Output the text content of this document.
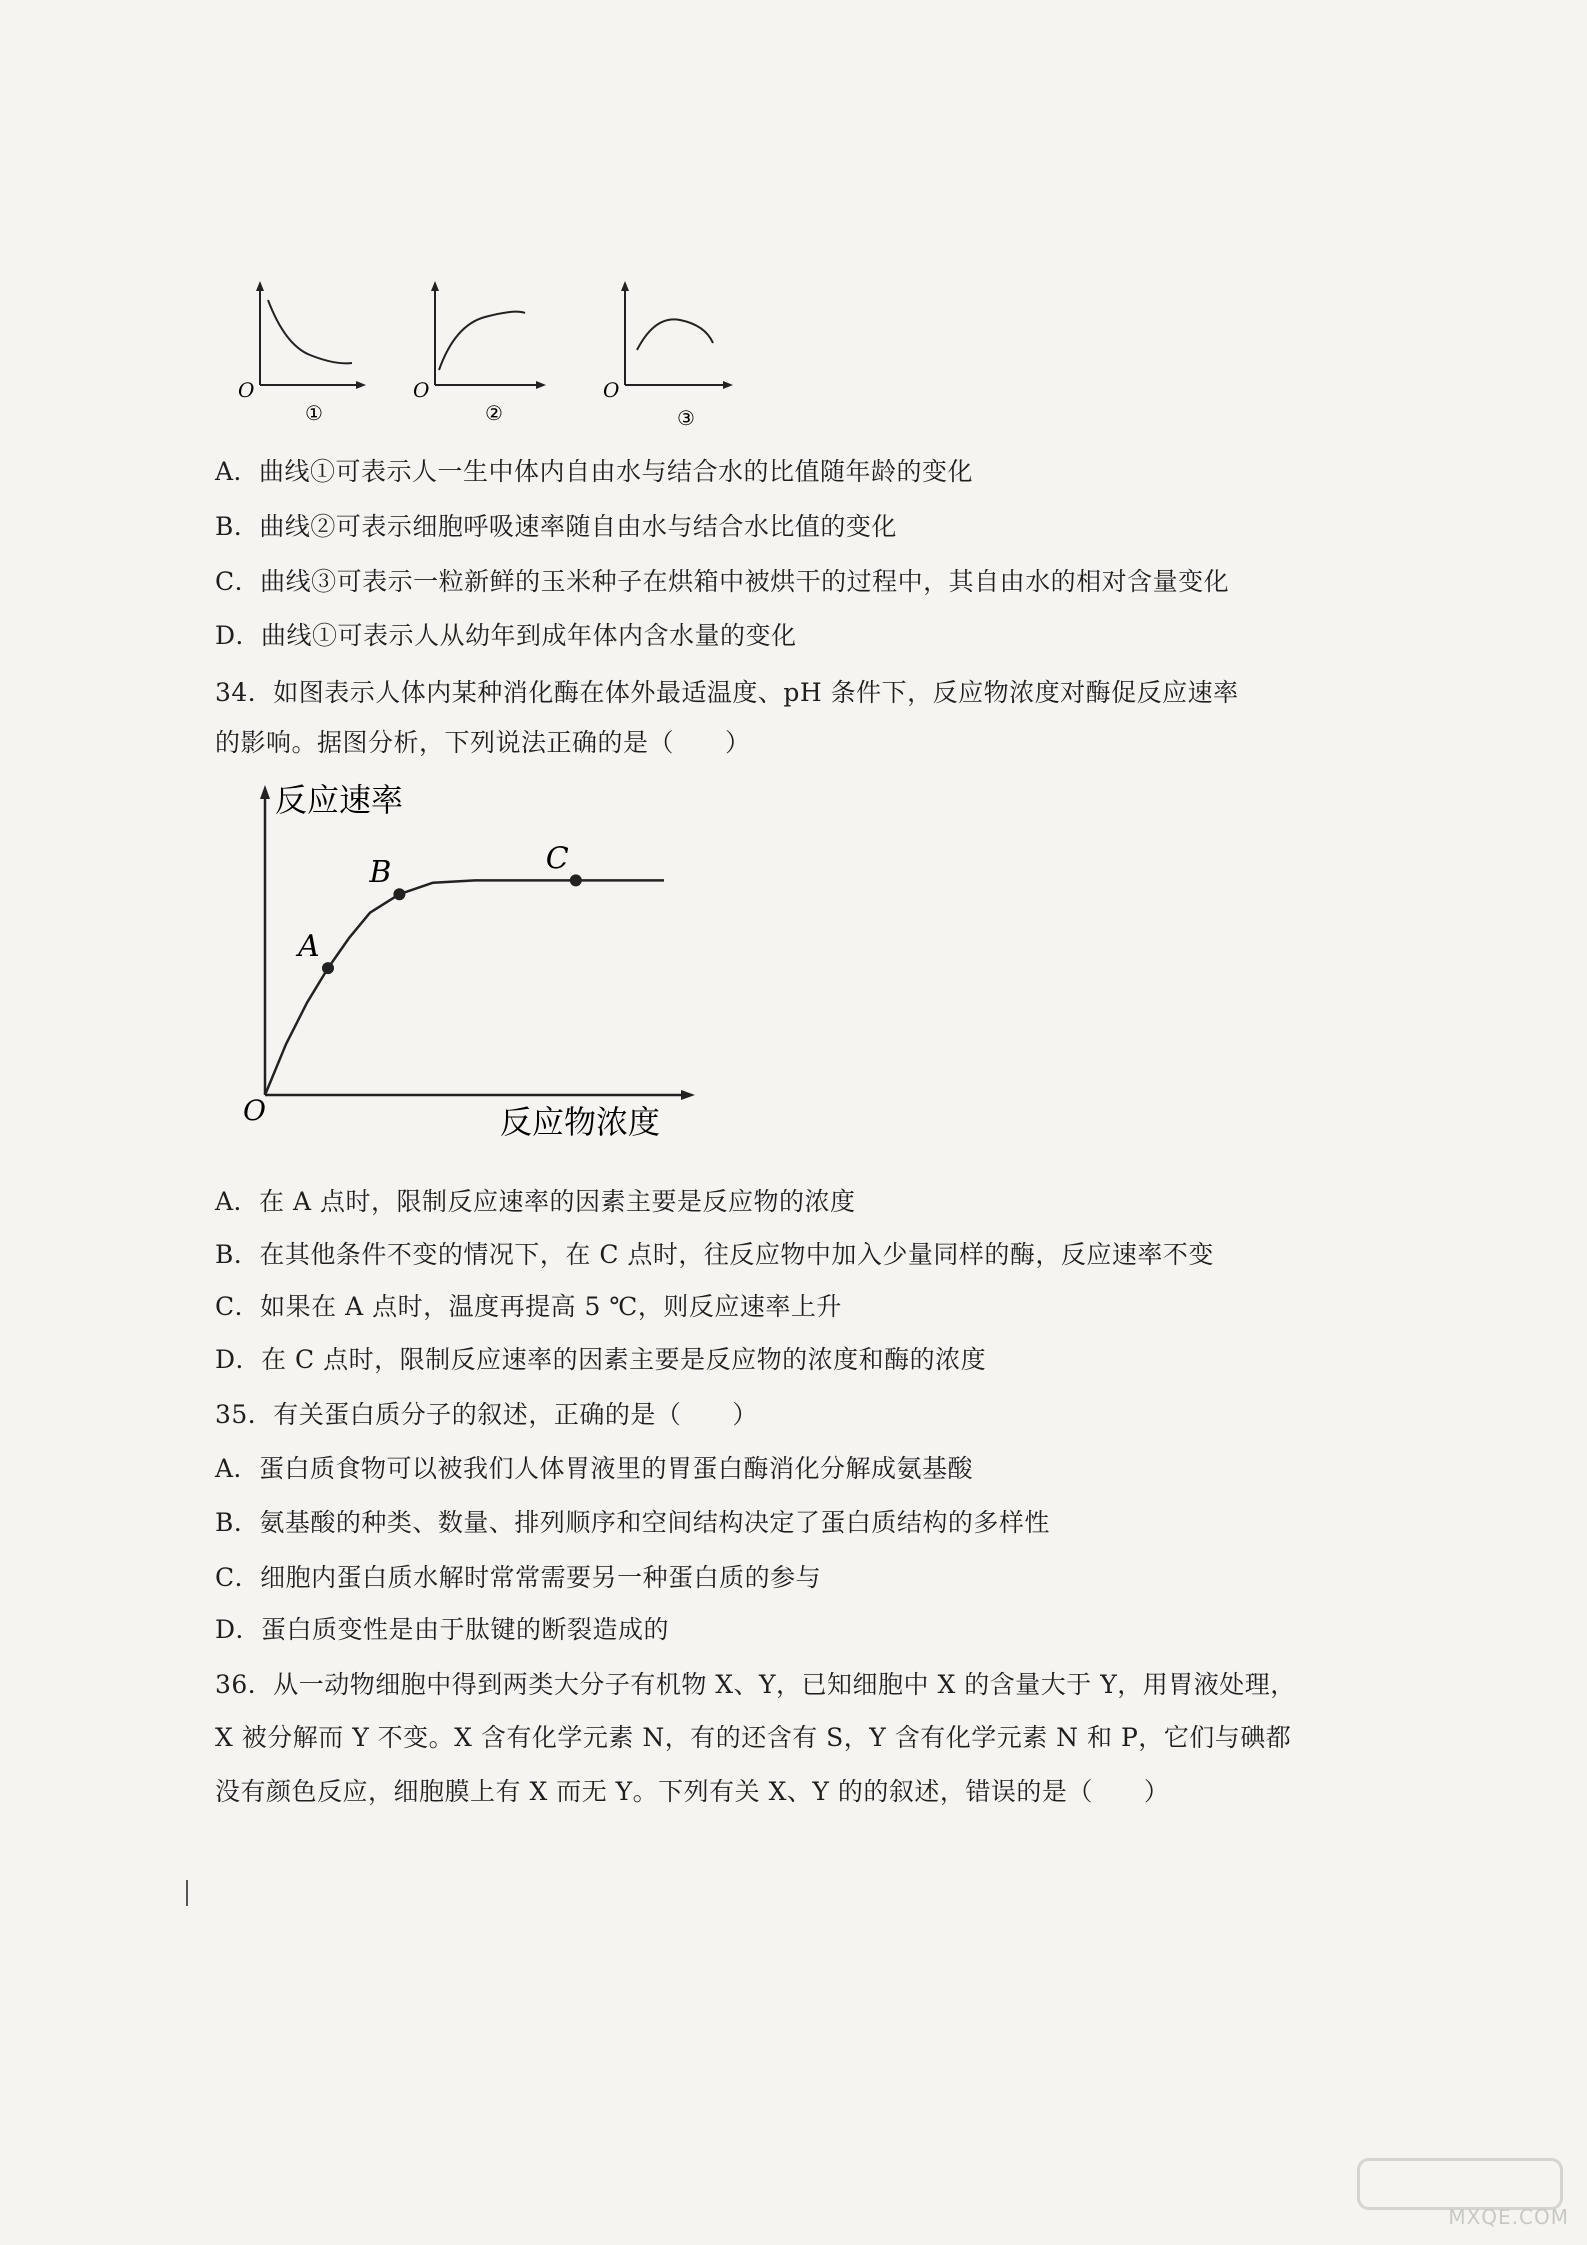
O
①
O
②
O
③
A．曲线①可表示人一生中体内自由水与结合水的比值随年龄的变化
B．曲线②可表示细胞呼吸速率随自由水与结合水比值的变化
C．曲线③可表示一粒新鲜的玉米种子在烘箱中被烘干的过程中，其自由水的相对含量变化
D．曲线①可表示人从幼年到成年体内含水量的变化
34．如图表示人体内某种消化酶在体外最适温度、pH 条件下，反应物浓度对酶促反应速率
的影响。据图分析，下列说法正确的是（　　）
反应速率
反应物浓度
O
A
B	C
A．在 A 点时，限制反应速率的因素主要是反应物的浓度
B．在其他条件不变的情况下，在 C 点时，往反应物中加入少量同样的酶，反应速率不变
C．如果在 A 点时，温度再提高 5 ℃，则反应速率上升
D．在 C 点时，限制反应速率的因素主要是反应物的浓度和酶的浓度
35．有关蛋白质分子的叙述，正确的是（　　）
A．蛋白质食物可以被我们人体胃液里的胃蛋白酶消化分解成氨基酸
B．氨基酸的种类、数量、排列顺序和空间结构决定了蛋白质结构的多样性
C．细胞内蛋白质水解时常常需要另一种蛋白质的参与
D．蛋白质变性是由于肽键的断裂造成的
36．从一动物细胞中得到两类大分子有机物 X、Y，已知细胞中 X 的含量大于 Y，用胃液处理，
X 被分解而 Y 不变。X 含有化学元素 N，有的还含有 S，Y 含有化学元素 N 和 P，它们与碘都
没有颜色反应，细胞膜上有 X 而无 Y。下列有关 X、Y 的的叙述，错误的是（　　）
MXQE.COM
